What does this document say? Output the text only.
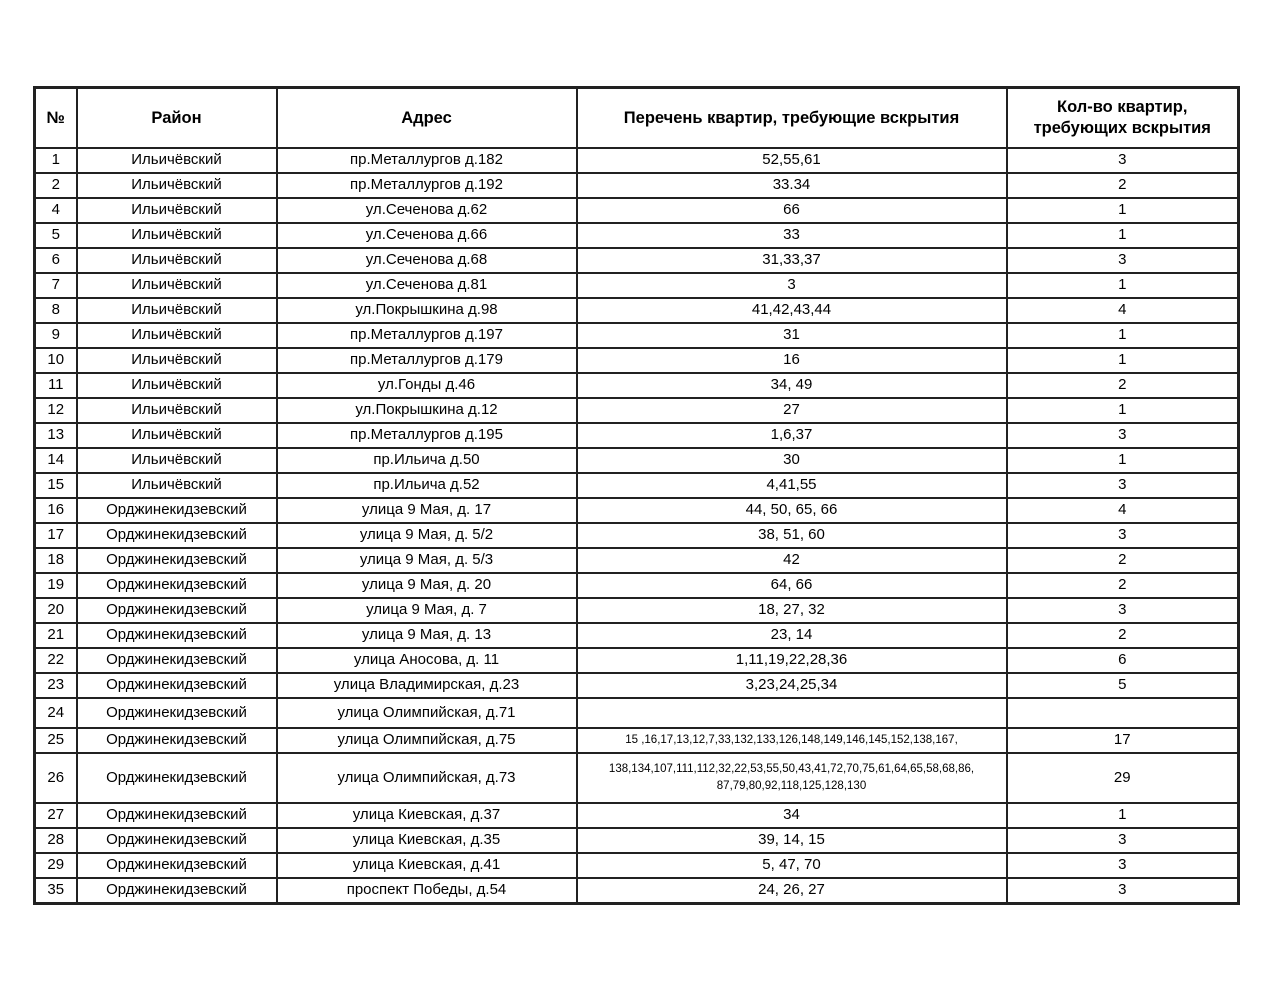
№	Район	Адрес	Перечень квартир, требующие вскрытия	Кол-во квартир, требующих вскрытия
1	Ильичёвский	пр.Металлургов д.182	52,55,61	3
2	Ильичёвский	пр.Металлургов д.192	33.34	2
4	Ильичёвский	ул.Сеченова д.62	66	1
5	Ильичёвский	ул.Сеченова д.66	33	1
6	Ильичёвский	ул.Сеченова д.68	31,33,37	3
7	Ильичёвский	ул.Сеченова д.81	3	1
8	Ильичёвский	ул.Покрышкина д.98	41,42,43,44	4
9	Ильичёвский	пр.Металлургов д.197	31	1
10	Ильичёвский	пр.Металлургов д.179	16	1
11	Ильичёвский	ул.Гонды д.46	34, 49	2
12	Ильичёвский	ул.Покрышкина д.12	27	1
13	Ильичёвский	пр.Металлургов д.195	1,6,37	3
14	Ильичёвский	пр.Ильича д.50	30	1
15	Ильичёвский	пр.Ильича д.52	4,41,55	3
16	Орджинекидзевский	улица 9 Мая, д. 17	44, 50, 65, 66	4
17	Орджинекидзевский	улица 9 Мая, д. 5/2	38, 51, 60	3
18	Орджинекидзевский	улица 9 Мая, д. 5/3	42	2
19	Орджинекидзевский	улица 9 Мая, д. 20	64, 66	2
20	Орджинекидзевский	улица 9 Мая, д. 7	18, 27, 32	3
21	Орджинекидзевский	улица 9 Мая, д. 13	23, 14	2
22	Орджинекидзевский	улица Аносова, д. 11	1,11,19,22,28,36	6
23	Орджинекидзевский	улица Владимирская, д.23	3,23,24,25,34	5
24	Орджинекидзевский	улица Олимпийская, д.71		
25	Орджинекидзевский	улица Олимпийская, д.75	15 ,16,17,13,12,7,33,132,133,126,148,149,146,145,152,138,167,	17
26	Орджинекидзевский	улица Олимпийская, д.73	138,134,107,111,112,32,22,53,55,50,43,41,72,70,75,61,64,65,58,68,86, 87,79,80,92,118,125,128,130	29
27	Орджинекидзевский	улица Киевская, д.37	34	1
28	Орджинекидзевский	улица Киевская, д.35	39, 14, 15	3
29	Орджинекидзевский	улица Киевская, д.41	5, 47, 70	3
35	Орджинекидзевский	проспект Победы, д.54	24, 26, 27	3
